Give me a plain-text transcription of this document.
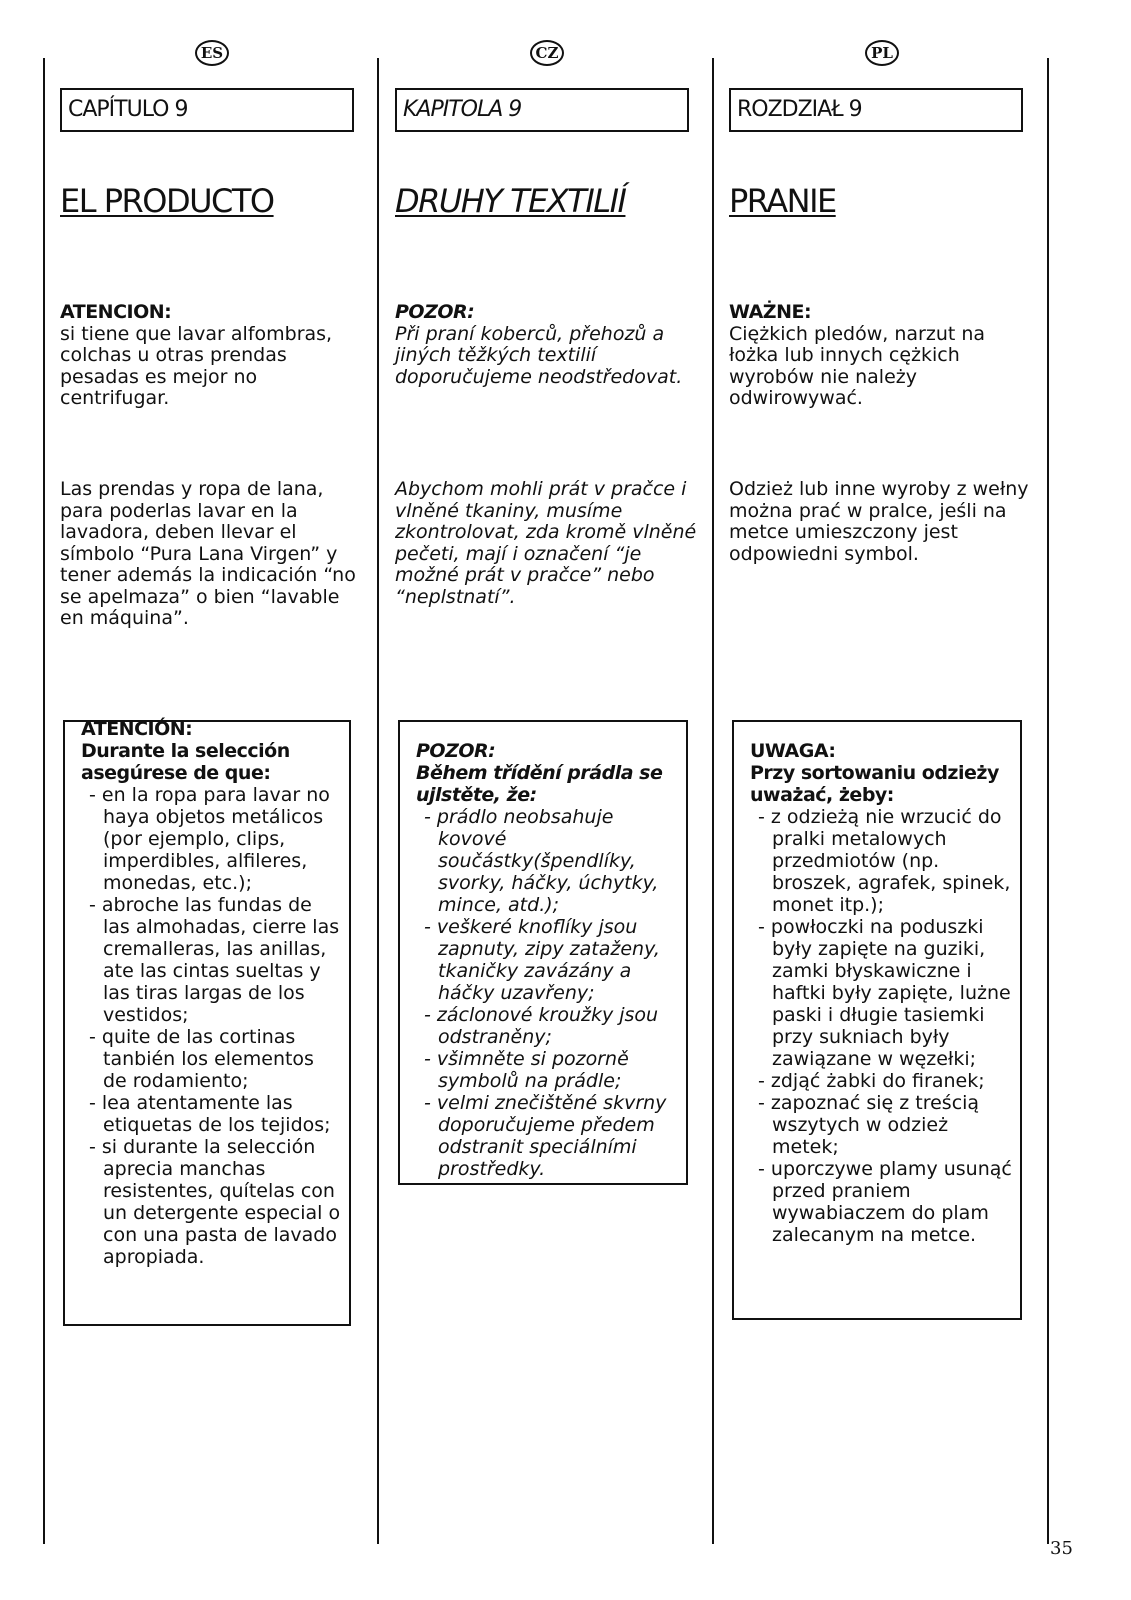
ES	CZ	PL
CAPÍTULO 9
EL PRODUCTO
ATENCION:
si tiene que lavar alfombras, colchas u otras prendas pesadas es mejor no centrifugar.
Las prendas y ropa de lana, para poderlas lavar en la lavadora, deben llevar el símbolo “Pura Lana Virgen” y tener además la indicación “no se apelmaza” o bien “lavable en máquina”.
ATENCIÓN:
Durante la selección asegúrese de que:
- en la ropa para lavar no haya objetos metálicos (por ejemplo, clips, imperdibles, alfileres, monedas, etc.);
- abroche las fundas de las almohadas, cierre las cremalleras, las anillas, ate las cintas sueltas y las tiras largas de los vestidos;
- quite de las cortinas tanbién los elementos de rodamiento;
- lea atentamente las etiquetas de los tejidos;
- si durante la selección aprecia manchas resistentes, quítelas con un detergente especial o con una pasta de lavado apropiada.
KAPITOLA 9
DRUHY TEXTILIÍ
POZOR:
Při praní koberců, přehozů a jiných těžkých textilií doporučujeme neodstředovat.
Abychom mohli prát v pračce i vlněné tkaniny, musíme zkontrolovat, zda kromě vlněné pečeti, mají i označení “je možné prát v pračce” nebo “neplstnatí”.
POZOR:
Během třídění prádla se ujlstěte, že:
- prádlo neobsahuje kovové součástky(špendlíky, svorky, háčky, úchytky, mince, atd.);
- veškeré knoflíky jsou zapnuty, zipy zataženy, tkaničky zavázány a háčky uzavřeny;
- záclonové kroužky jsou odstraněny;
- všimněte si pozorně symbolů na prádle;
- velmi znečištěné skvrny doporučujeme předem odstranit speciálními prostředky.
ROZDZIAŁ 9
PRANIE
WAŻNE:
Ciężkich pledów, narzut na łożka lub innych cężkich wyrobów nie należy odwirowywać.
Odzież lub inne wyroby z wełny można prać w pralce, jeśli na metce umieszczony jest odpowiedni symbol.
UWAGA:
Przy sortowaniu odzieży uważać, żeby:
- z odzieżą nie wrzucić do pralki metalowych przedmiotów (np. broszek, agrafek, spinek, monet itp.);
- powłoczki na poduszki były zapięte na guziki, zamki błyskawiczne i haftki były zapięte, lużne paski i długie tasiemki przy sukniach były zawiązane w węzełki;
- zdjąć żabki do firanek;
- zapoznać się z treścią wszytych w odzież metek;
- uporczywe plamy usunąć przed praniem wywabiaczem do plam zalecanym na metce.
35
